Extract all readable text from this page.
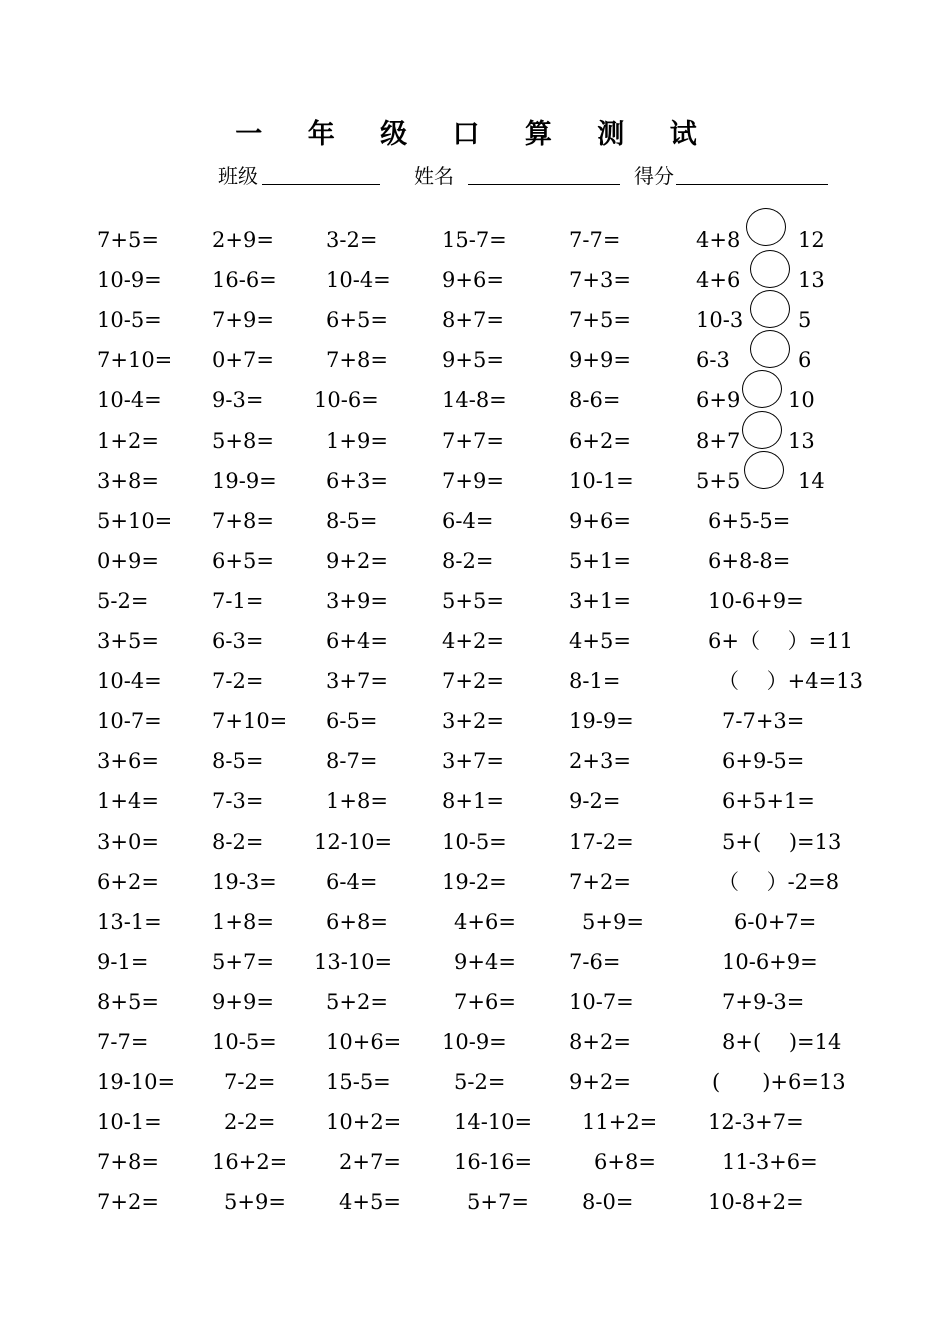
一 年 级 口 算 测 试
班级	姓名	得分
7+5=	2+9= 3-2=	15-7=	7-7=	4+8	12
10-9= 16-6= 10-4= 9+6=	7+3=	4+6	13
10-5= 7+9= 6+5=	8+7=	7+5=	10-3	5
7+10= 0+7= 7+8=	9+5=	9+9=	6-3	6
10-4= 9-3= 10-6=	14-8=	8-6=	6+9 10
1+2=	5+8= 1+9=	7+7=	6+2=	8+7 13
3+8=	19-9= 6+3=	7+9=	10-1=	5+5	14
5+10= 7+8= 8-5=	6-4=	9+6=	6+5-5=
0+9=	6+5= 9+2=	8-2=	5+1=	6+8-8=
5-2=	7-1=	3+9=	5+5=	3+1=	10-6+9=
3+5=	6-3=	6+4=	4+2=	4+5=	6+（　 ）=11
10-4= 7-2=	3+7=	7+2=	8-1=	（　 ）+4=13
10-7= 7+10= 6-5=	3+2=	19-9=	7-7+3=
3+6=	8-5=	8-7=	3+7=	2+3=	6+9-5=
1+4=	7-3=	1+8=	8+1=	9-2=	6+5+1=
3+0=	8-2= 12-10= 10-5=	17-2=	5+(　 )=13
6+2=	19-3= 6-4=	19-2=	7+2=	（　 ）-2=8
13-1= 1+8= 6+8=	4+6=	5+9=	6-0+7=
9-1=	5+7= 13-10=	9+4=	7-6=	10-6+9=
8+5=	9+9= 5+2=	7+6=	10-7=	7+9-3=
7-7=	10-5= 10+6= 10-9=	8+2=	8+(　 )=14
19-10= 7-2= 15-5=	5-2=	9+2=	(　　)+6=13
10-1=	2-2= 10+2=	14-10= 11+2= 12-3+7=
7+8=	16+2= 2+7=	16-16=	6+8=	11-3+6=
7+2=	5+9=	4+5=	5+7=	8-0=	10-8+2=
